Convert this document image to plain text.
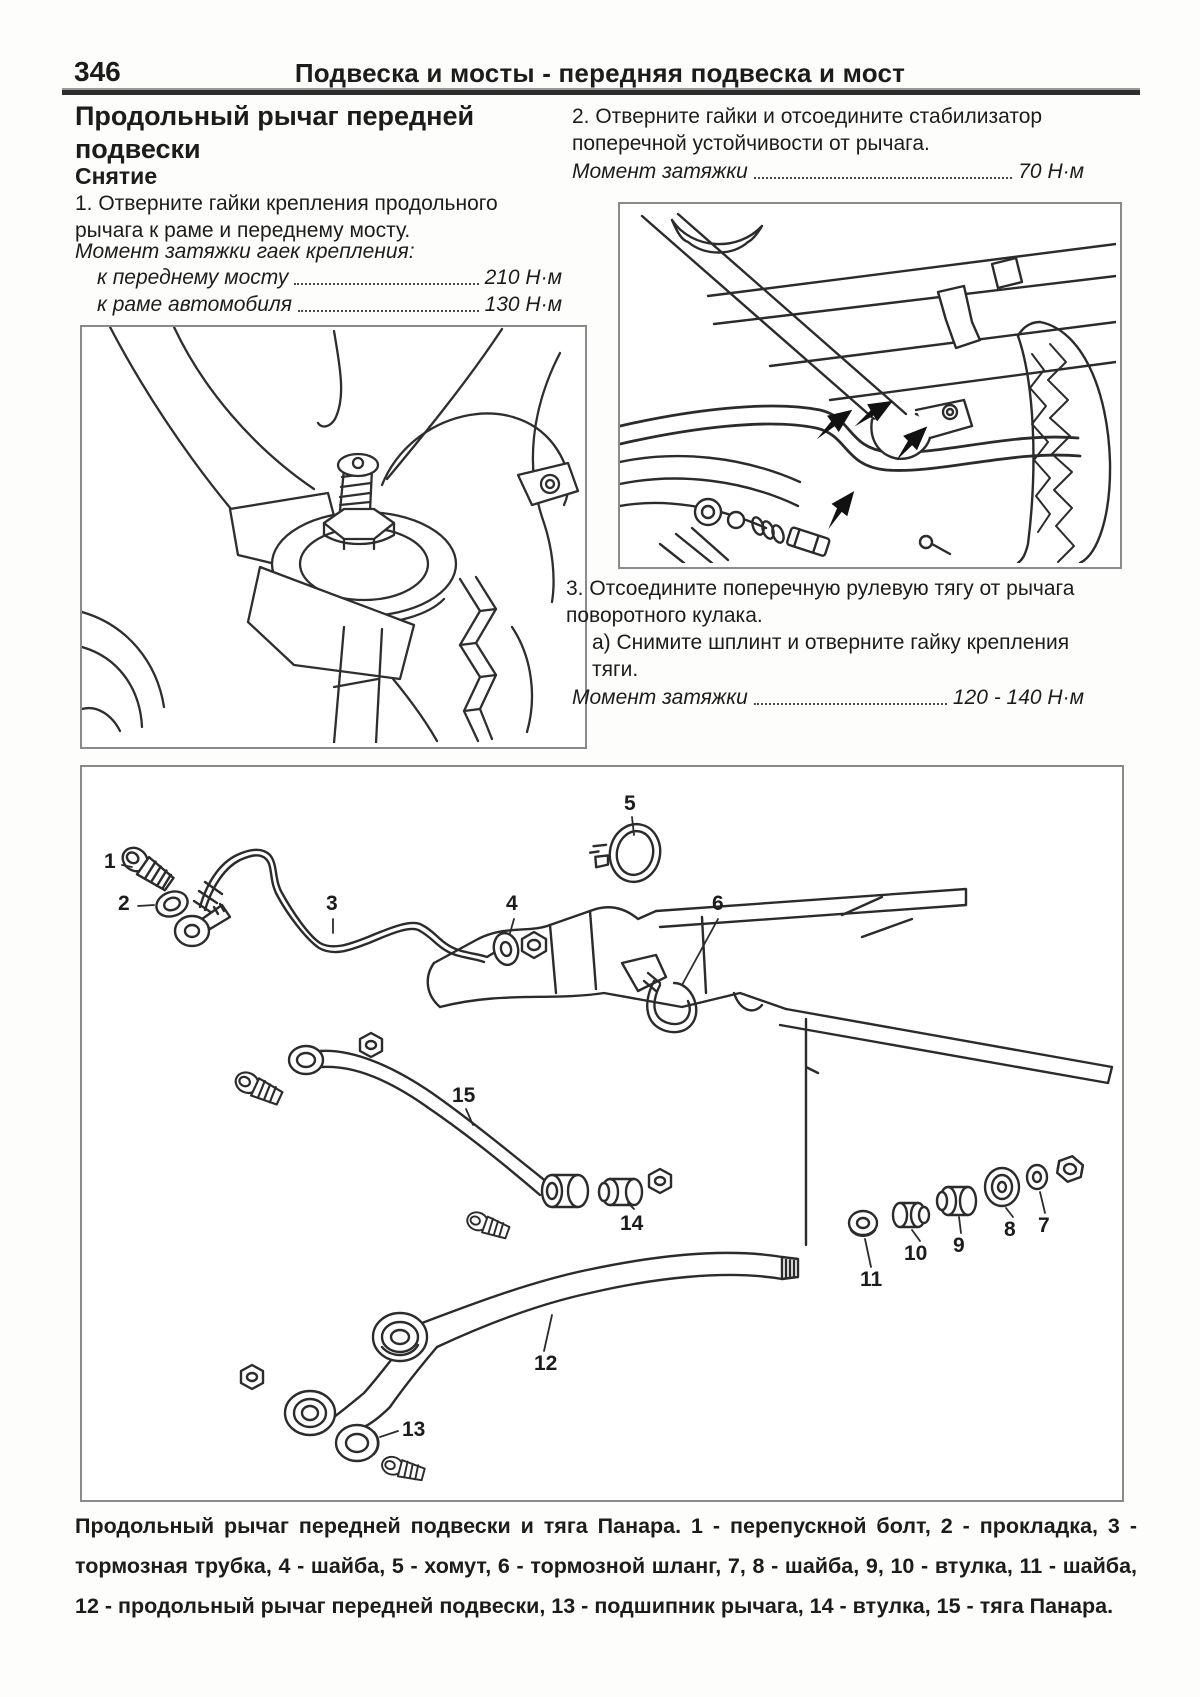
346	Подвеска и мосты - передняя подвеска и мост
Продольный рычаг передней подвески
Снятие
1. Отверните гайки крепления продольного рычага к раме и переднему мосту.
Момент затяжки гаек крепления:
к переднему мосту	210 Н·м
к раме автомобиля	130 Н·м
2. Отверните гайки и отсоедините стабилизатор поперечной устойчивости от рычага.
Момент затяжки	70 Н·м
3. Отсоедините поперечную рулевую тягу от рычага поворотного кулака.
а) Снимите шплинт и отверните гайку крепления тяги.
Момент затяжки	120 - 140 Н·м
1
2	3	4
5
6
7
8
9
10
11
12
13
14
15
Продольный рычаг передней подвески и тяга Панара. 1 - перепускной болт, 2 - прокладка, 3 - тормозная трубка, 4 - шайба, 5 - хомут, 6 - тормозной шланг, 7, 8 - шайба, 9, 10 - втулка, 11 - шайба, 12 - продольный рычаг передней подвески, 13 - подшипник рычага, 14 - втулка, 15 - тяга Панара.
